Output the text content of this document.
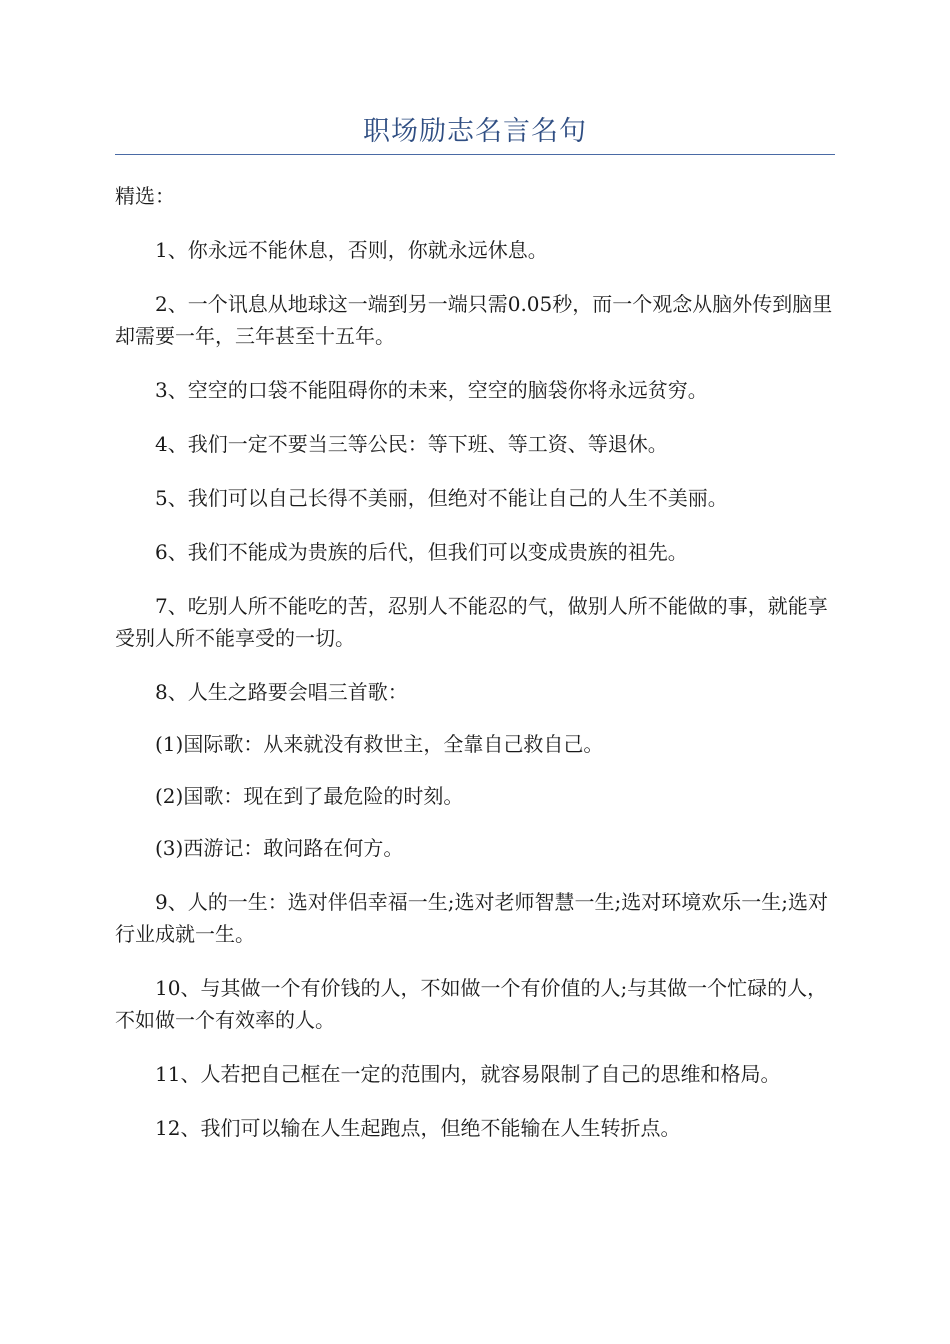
职场励志名言名句

精选：

1、你永远不能休息，否则，你就永远休息。

2、一个讯息从地球这一端到另一端只需0.05秒，而一个观念从脑外传到脑里却需要一年，三年甚至十五年。

3、空空的口袋不能阻碍你的未来，空空的脑袋你将永远贫穷。

4、我们一定不要当三等公民：等下班、等工资、等退休。

5、我们可以自己长得不美丽，但绝对不能让自己的人生不美丽。

6、我们不能成为贵族的后代，但我们可以变成贵族的祖先。

7、吃别人所不能吃的苦，忍别人不能忍的气，做别人所不能做的事，就能享受别人所不能享受的一切。

8、人生之路要会唱三首歌：

(1)国际歌：从来就没有救世主，全靠自己救自己。

(2)国歌：现在到了最危险的时刻。

(3)西游记：敢问路在何方。

9、人的一生：选对伴侣幸福一生;选对老师智慧一生;选对环境欢乐一生;选对行业成就一生。

10、与其做一个有价钱的人，不如做一个有价值的人;与其做一个忙碌的人，不如做一个有效率的人。

11、人若把自己框在一定的范围内，就容易限制了自己的思维和格局。

12、我们可以输在人生起跑点，但绝不能输在人生转折点。
